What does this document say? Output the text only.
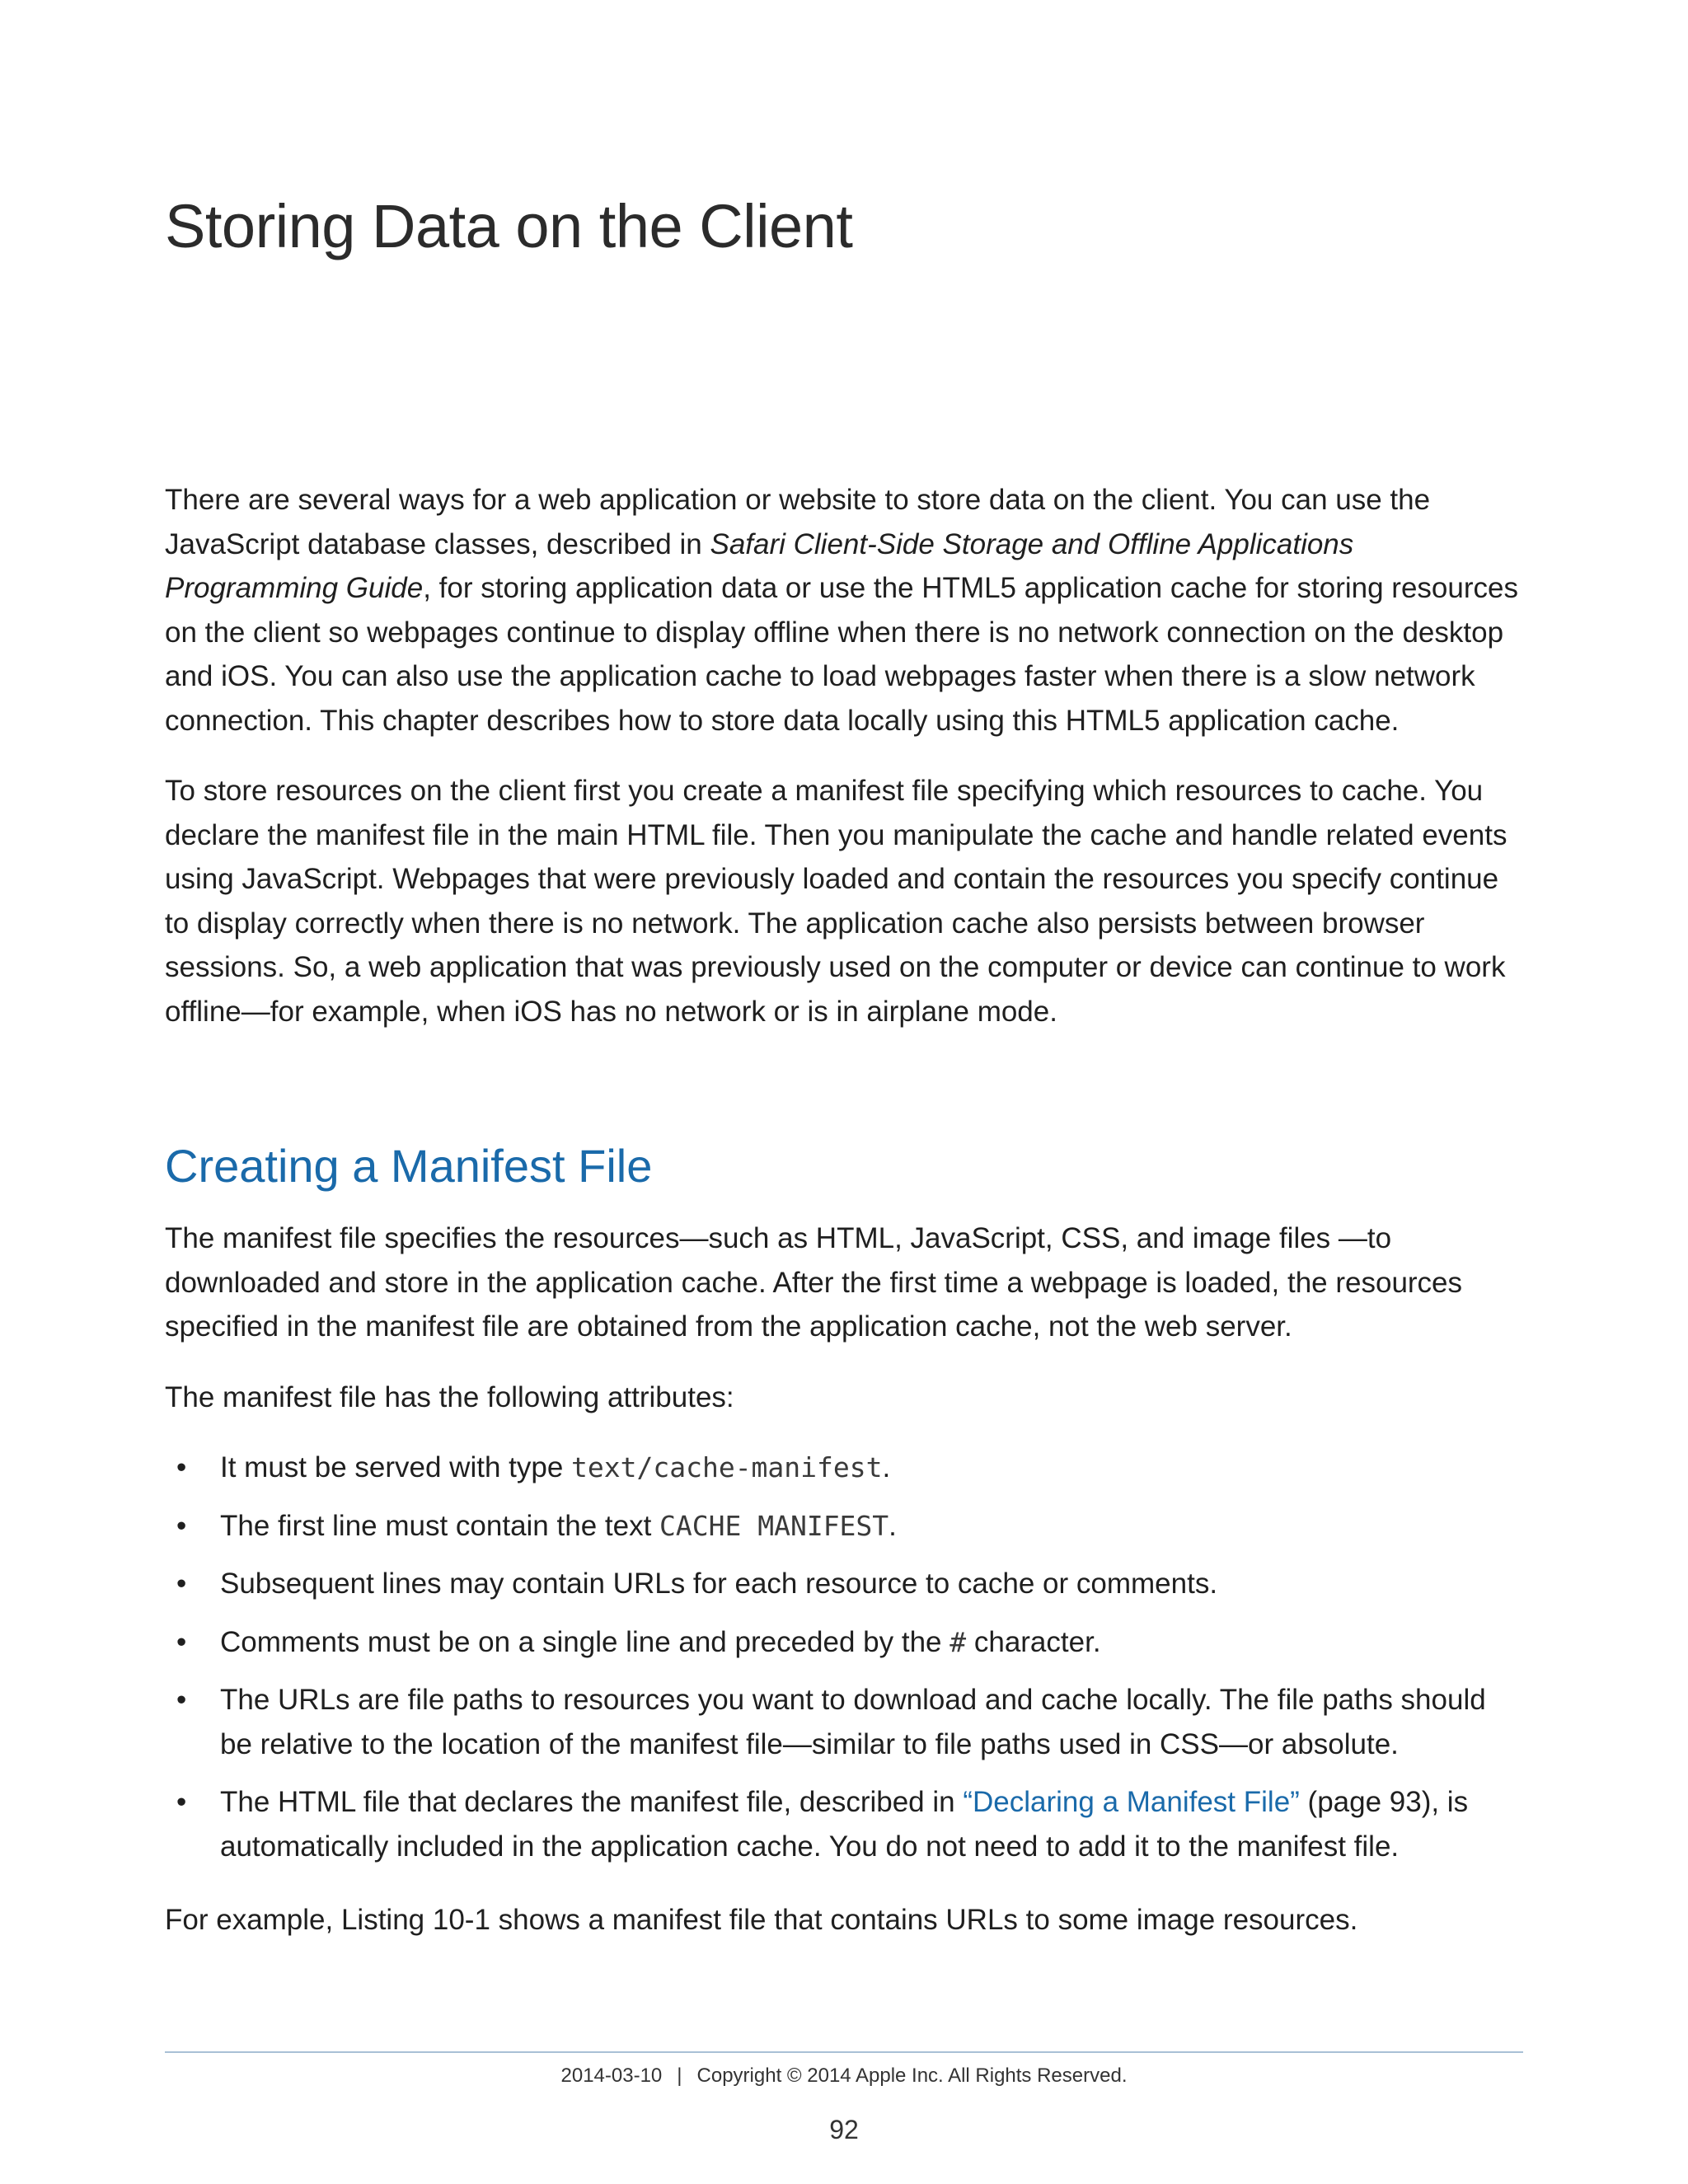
Storing Data on the Client

There are several ways for a web application or website to store data on the client. You can use the JavaScript database classes, described in Safari Client-Side Storage and Offline Applications Programming Guide, for storing application data or use the HTML5 application cache for storing resources on the client so webpages continue to display offline when there is no network connection on the desktop and iOS. You can also use the application cache to load webpages faster when there is a slow network connection. This chapter describes how to store data locally using this HTML5 application cache.

To store resources on the client first you create a manifest file specifying which resources to cache. You declare the manifest file in the main HTML file. Then you manipulate the cache and handle related events using JavaScript. Webpages that were previously loaded and contain the resources you specify continue to display correctly when there is no network. The application cache also persists between browser sessions. So, a web application that was previously used on the computer or device can continue to work offline—for example, when iOS has no network or is in airplane mode.

Creating a Manifest File

The manifest file specifies the resources—such as HTML, JavaScript, CSS, and image files —to downloaded and store in the application cache. After the first time a webpage is loaded, the resources specified in the manifest file are obtained from the application cache, not the web server.

The manifest file has the following attributes:

• It must be served with type text/cache-manifest.
• The first line must contain the text CACHE MANIFEST.
• Subsequent lines may contain URLs for each resource to cache or comments.
• Comments must be on a single line and preceded by the # character.
• The URLs are file paths to resources you want to download and cache locally. The file paths should be relative to the location of the manifest file—similar to file paths used in CSS—or absolute.
• The HTML file that declares the manifest file, described in “Declaring a Manifest File” (page 93), is automatically included in the application cache. You do not need to add it to the manifest file.

For example, Listing 10-1 shows a manifest file that contains URLs to some image resources.

2014-03-10 | Copyright © 2014 Apple Inc. All Rights Reserved.
92
